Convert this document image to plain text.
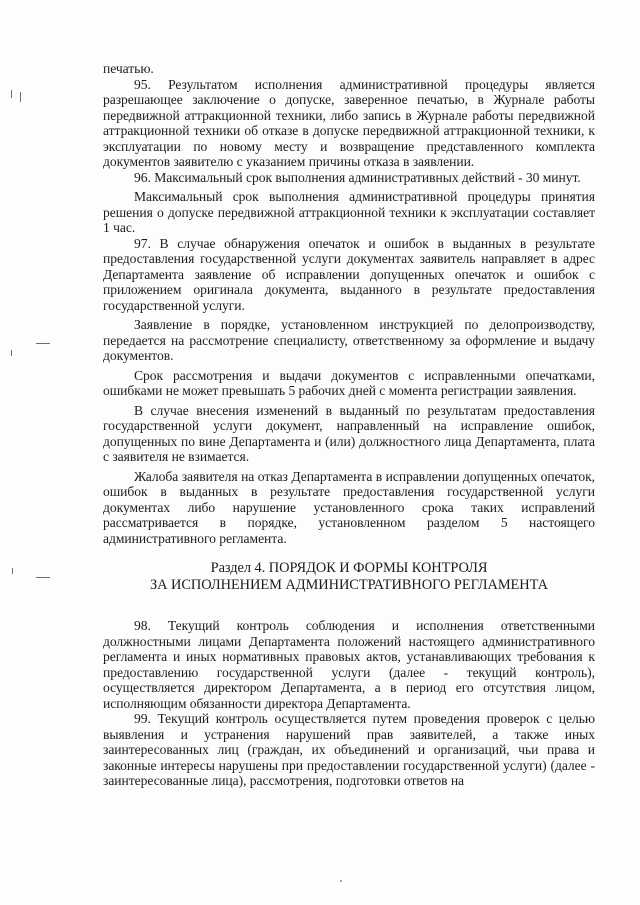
печатью.

95. Результатом исполнения административной процедуры является разрешающее заключение о допуске, заверенное печатью, в Журнале работы передвижной аттракционной техники, либо запись в Журнале работы передвижной аттракционной техники об отказе в допуске передвижной аттракционной техники, к эксплуатации по новому месту и возвращение представленного комплекта документов заявителю с указанием причины отказа в заявлении.

96. Максимальный срок выполнения административных действий - 30 минут.

Максимальный срок выполнения административной процедуры принятия решения о допуске передвижной аттракционной техники к эксплуатации составляет 1 час.

97. В случае обнаружения опечаток и ошибок в выданных в результате предоставления государственной услуги документах заявитель направляет в адрес Департамента заявление об исправлении допущенных опечаток и ошибок с приложением оригинала документа, выданного в результате предоставления государственной услуги.

Заявление в порядке, установленном инструкцией по делопроизводству, передается на рассмотрение специалисту, ответственному за оформление и выдачу документов.

Срок рассмотрения и выдачи документов с исправленными опечатками, ошибками не может превышать 5 рабочих дней с момента регистрации заявления.

В случае внесения изменений в выданный по результатам предоставления государственной услуги документ, направленный на исправление ошибок, допущенных по вине Департамента и (или) должностного лица Департамента, плата с заявителя не взимается.

Жалоба заявителя на отказ Департамента в исправлении допущенных опечаток, ошибок в выданных в результате предоставления государственной услуги документах либо нарушение установленного срока таких исправлений рассматривается в порядке, установленном разделом 5 настоящего административного регламента.

Раздел 4. ПОРЯДОК И ФОРМЫ КОНТРОЛЯ
ЗА ИСПОЛНЕНИЕМ АДМИНИСТРАТИВНОГО РЕГЛАМЕНТА

98. Текущий контроль соблюдения и исполнения ответственными должностными лицами Департамента положений настоящего административного регламента и иных нормативных правовых актов, устанавливающих требования к предоставлению государственной услуги (далее - текущий контроль), осуществляется директором Департамента, а в период его отсутствия лицом, исполняющим обязанности директора Департамента.

99. Текущий контроль осуществляется путем проведения проверок с целью выявления и устранения нарушений прав заявителей, а также иных заинтересованных лиц (граждан, их объединений и организаций, чьи права и законные интересы нарушены при предоставлении государственной услуги) (далее - заинтересованные лица), рассмотрения, подготовки ответов на
